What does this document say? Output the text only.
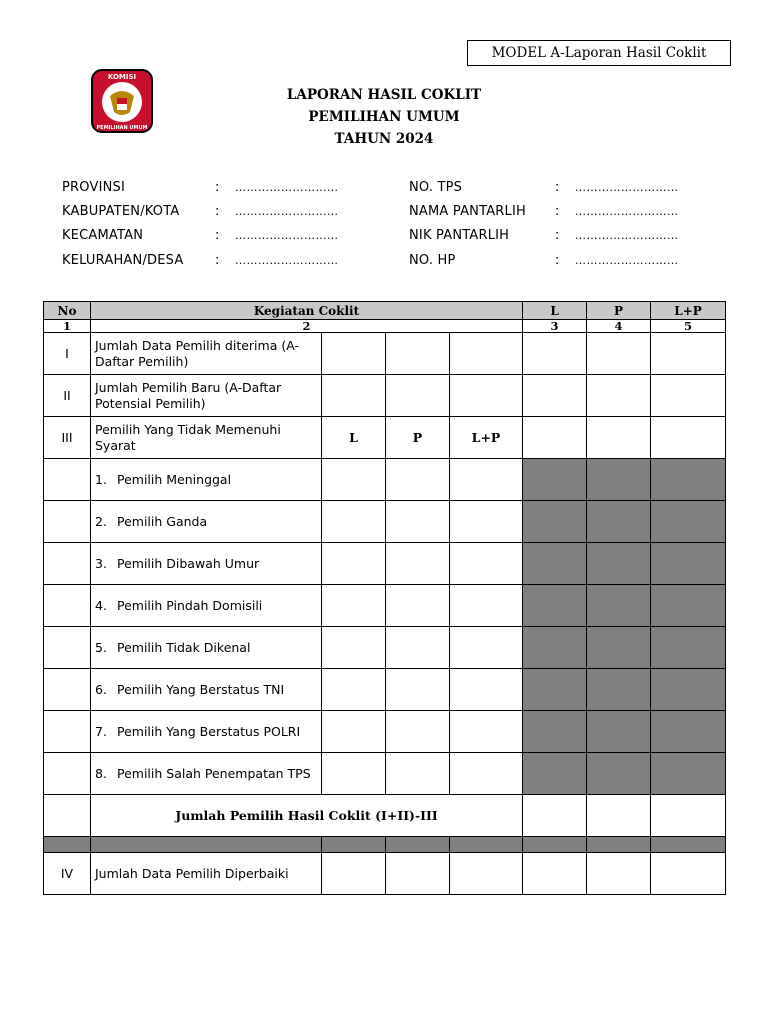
MODEL A-Laporan Hasil Coklit
KOMISI
PEMILIHAN UMUM
LAPORAN HASIL COKLIT
PEMILIHAN UMUM
TAHUN 2024
PROVINSI	:	………………………
KABUPATEN/KOTA	:	………………………
KECAMATAN	:	………………………
KELURAHAN/DESA	:	………………………
NO. TPS	:	………………………
NAMA PANTARLIH	:	………………………
NIK PANTARLIH	:	………………………
NO. HP	:	………………………
No	Kegiatan Coklit				L	P	L+P
1	2				3	4	5
I	Jumlah Data Pemilih diterima (A-Daftar Pemilih)						
II	Jumlah Pemilih Baru (A-Daftar Potensial Pemilih)						
III	Pemilih Yang Tidak Memenuhi Syarat	L	P	L+P			

	1. Pemilih Meninggal						

	2. Pemilih Ganda						

	3. Pemilih Dibawah Umur						

	4. Pemilih Pindah Domisili						

	5. Pemilih Tidak Dikenal						

	6. Pemilih Yang Berstatus TNI						

	7. Pemilih Yang Berstatus POLRI						

	8. Pemilih Salah Penempatan TPS						

	Jumlah Pemilih Hasil Coklit (I+II)-III						

IV	Jumlah Data Pemilih Diperbaiki						
